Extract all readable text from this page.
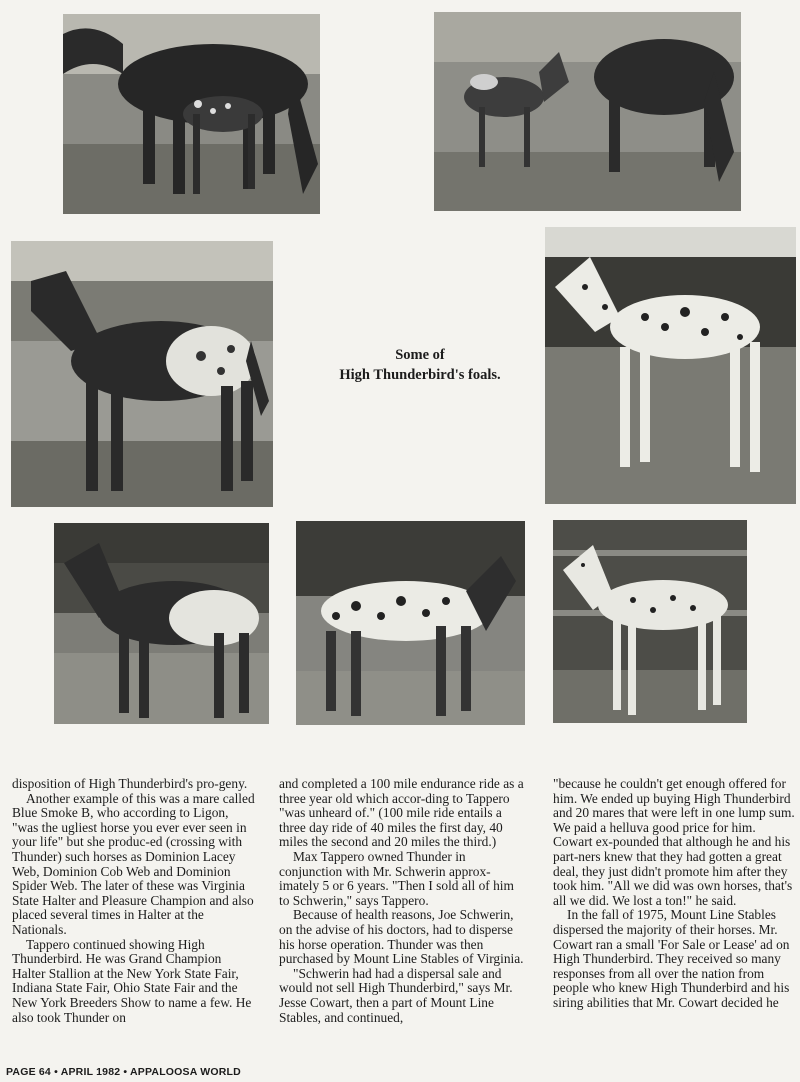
Some of
High Thunderbird's foals.

disposition of High Thunderbird's pro-geny.

Another example of this was a mare called Blue Smoke B, who according to Ligon, "was the ugliest horse you ever ever seen in your life" but she produc-ed (crossing with Thunder) such horses as Dominion Lacey Web, Dominion Cob Web and Dominion Spider Web. The later of these was Virginia State Halter and Pleasure Champion and also placed several times in Halter at the Nationals.

Tappero continued showing High Thunderbird. He was Grand Champion Halter Stallion at the New York State Fair, Indiana State Fair, Ohio State Fair and the New York Breeders Show to name a few. He also took Thunder on

and completed a 100 mile endurance ride as a three year old which accor-ding to Tappero "was unheard of." (100 mile ride entails a three day ride of 40 miles the first day, 40 miles the second and 20 miles the third.)

Max Tappero owned Thunder in conjunction with Mr. Schwerin approx-imately 5 or 6 years. "Then I sold all of him to Schwerin," says Tappero.

Because of health reasons, Joe Schwerin, on the advise of his doctors, had to disperse his horse operation. Thunder was then purchased by Mount Line Stables of Virginia.

"Schwerin had had a dispersal sale and would not sell High Thunderbird," says Mr. Jesse Cowart, then a part of Mount Line Stables, and continued,

"because he couldn't get enough offered for him. We ended up buying High Thunderbird and 20 mares that were left in one lump sum. We paid a helluva good price for him. Cowart ex-pounded that although he and his part-ners knew that they had gotten a great deal, they just didn't promote him after they took him. "All we did was own horses, that's all we did. We lost a ton!" he said.

In the fall of 1975, Mount Line Stables dispersed the majority of their horses. Mr. Cowart ran a small 'For Sale or Lease' ad on High Thunderbird. They received so many responses from all over the nation from people who knew High Thunderbird and his siring abilities that Mr. Cowart decided he

PAGE 64 • APRIL 1982 • APPALOOSA WORLD
